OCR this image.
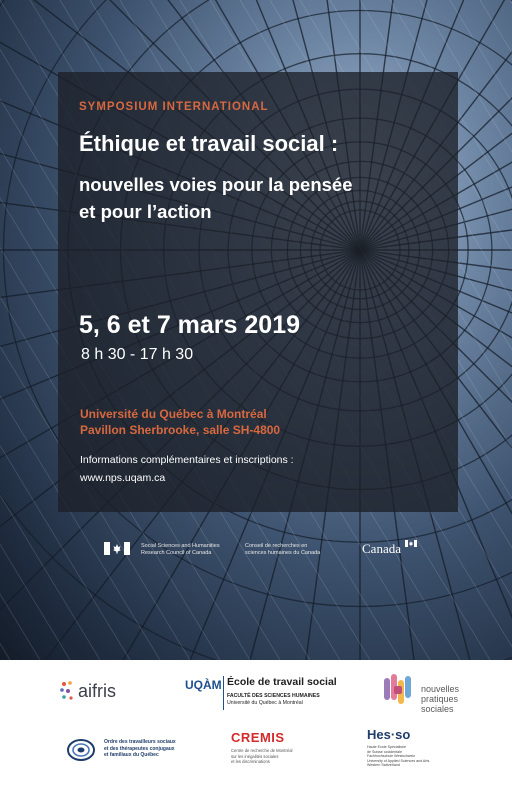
SYMPOSIUM INTERNATIONAL
Éthique et travail social :
nouvelles voies pour la pensée
et pour l’action
5, 6 et 7 mars 2019
8 h 30 - 17 h 30
Université du Québec à Montréal
Pavillon Sherbrooke, salle SH-4800
Informations complémentaires et inscriptions :
www.nps.uqam.ca
Social Sciences and Humanities
Research Council of Canada
Conseil de recherches en
sciences humaines du Canada	Canada
aifris	UQÀM École de travail social
FACULTÉ DES SCIENCES HUMAINES
Université du Québec à Montréal
nouvelles
pratiques
sociales
Ordre des travailleurs sociaux
et des thérapeutes conjugaux
et familiaux du Québec
CREMIS
Centre de recherche de Montréal
sur les inégalités sociales
et les discriminations
Hes·so
Haute Ecole Spécialisée
de Suisse occidentale
Fachhochschule Westschweiz
University of Applied Sciences and Arts
Western Switzerland
